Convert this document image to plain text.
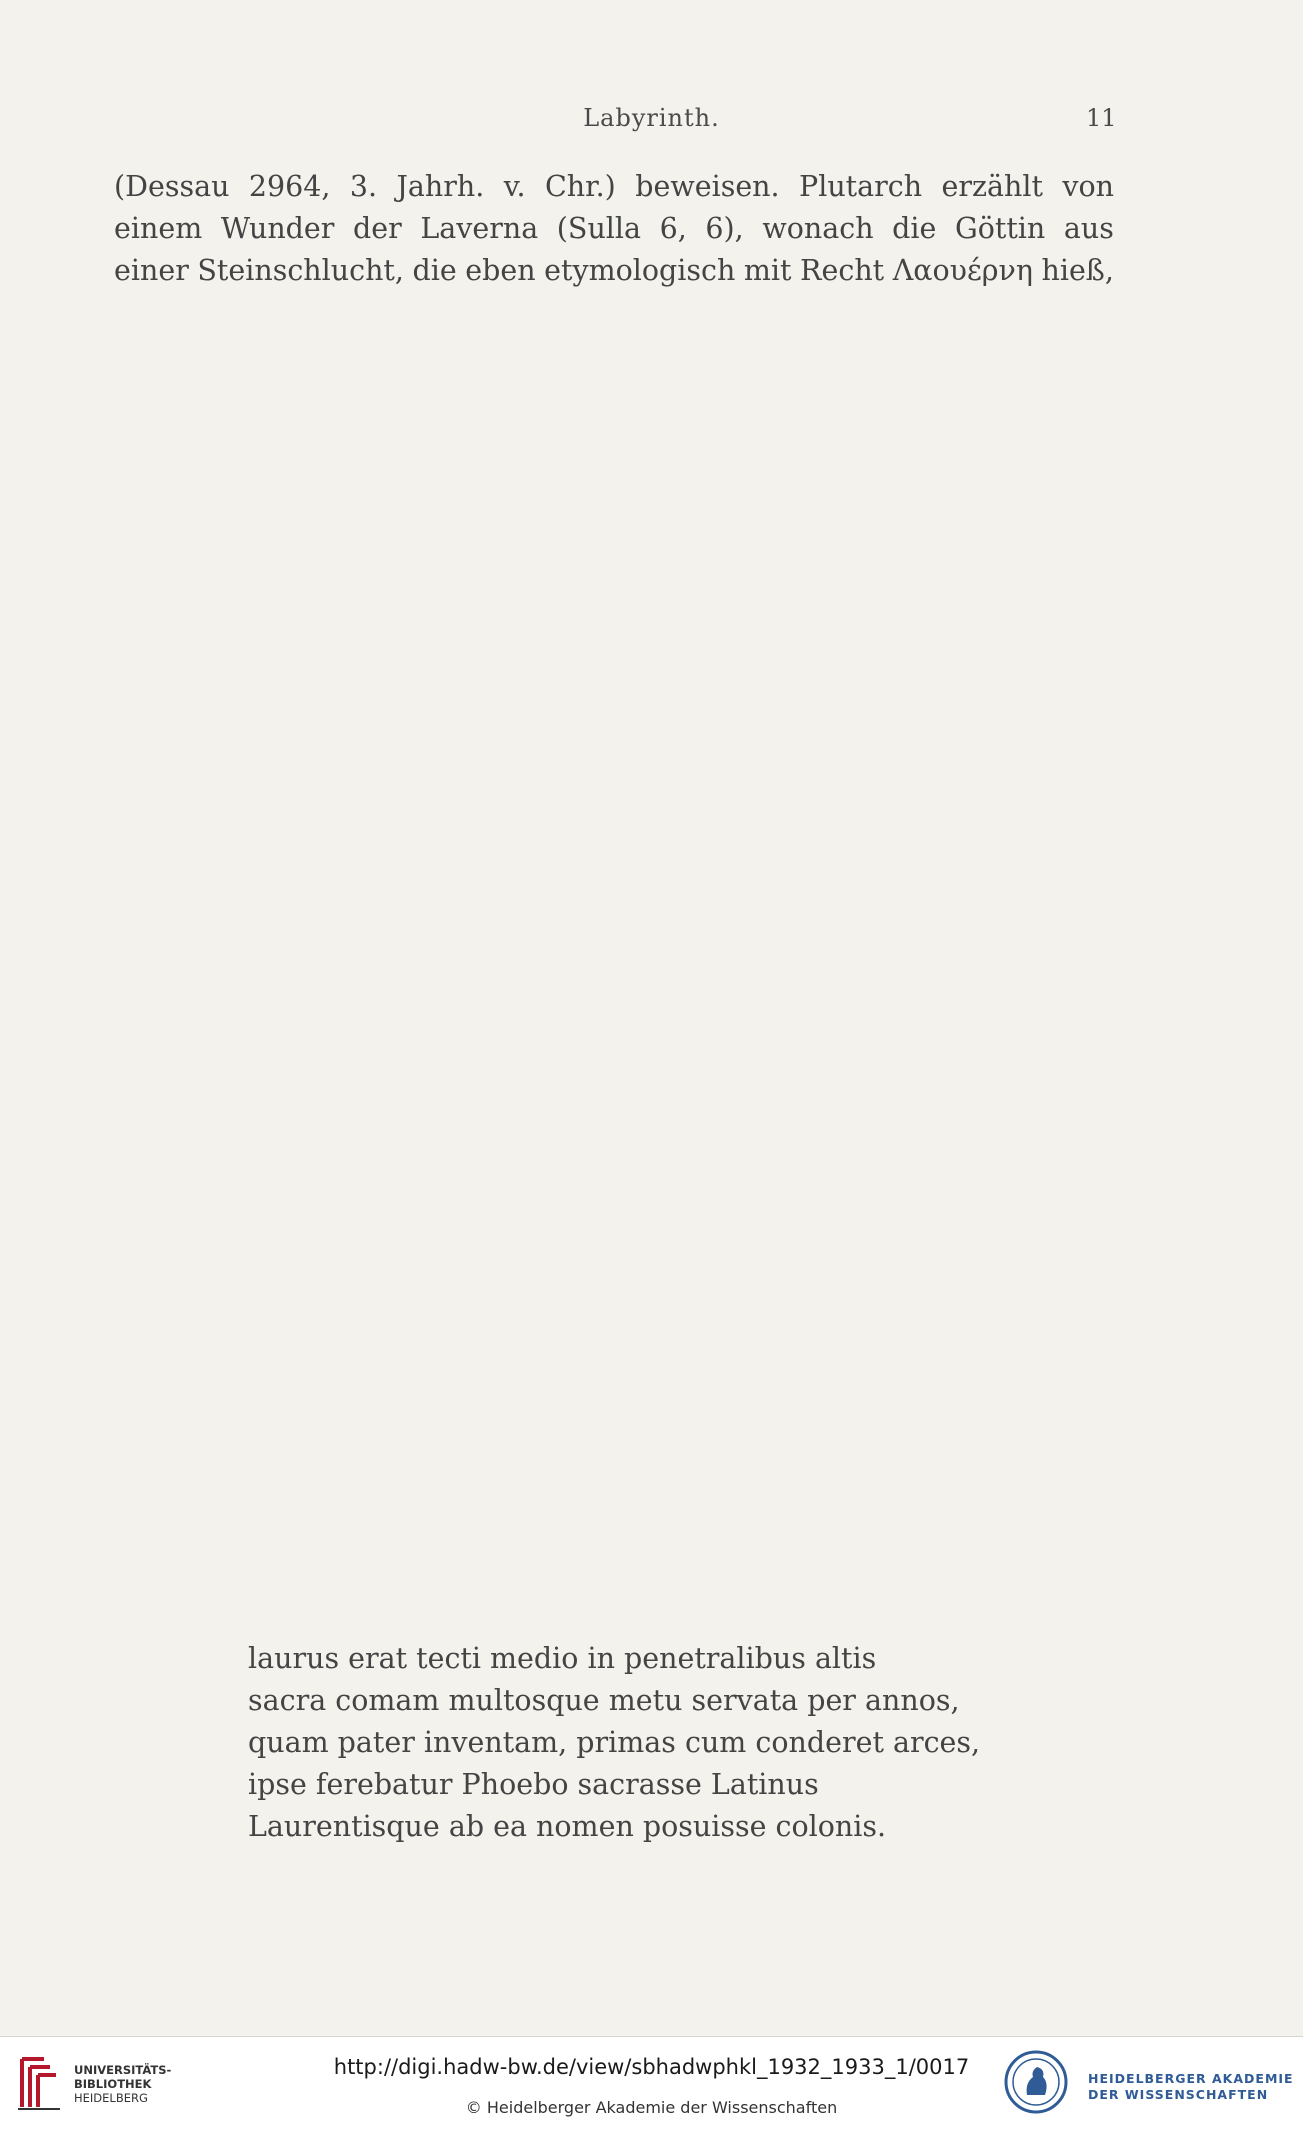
Labyrinth.	11
(Dessau 2964, 3. Jahrh. v. Chr.) beweisen. Plutarch erzählt von
einem Wunder der Laverna (Sulla 6, 6), wonach die Göttin aus
einer Steinschlucht, die eben etymologisch mit Recht Λαουέρνη hieß,
laurus erat tecti medio in penetralibus altis
sacra comam multosque metu servata per annos,
quam pater inventam, primas cum conderet arces,
ipse ferebatur Phoebo sacrasse Latinus
Laurentisque ab ea nomen posuisse colonis.
UNIVERSITÄTS-
BIBLIOTHEK
HEIDELBERG
http://digi.hadw-bw.de/view/sbhadwphkl_1932_1933_1/0017
© Heidelberger Akademie der Wissenschaften
HEIDELBERGER AKADEMIE
DER WISSENSCHAFTEN
